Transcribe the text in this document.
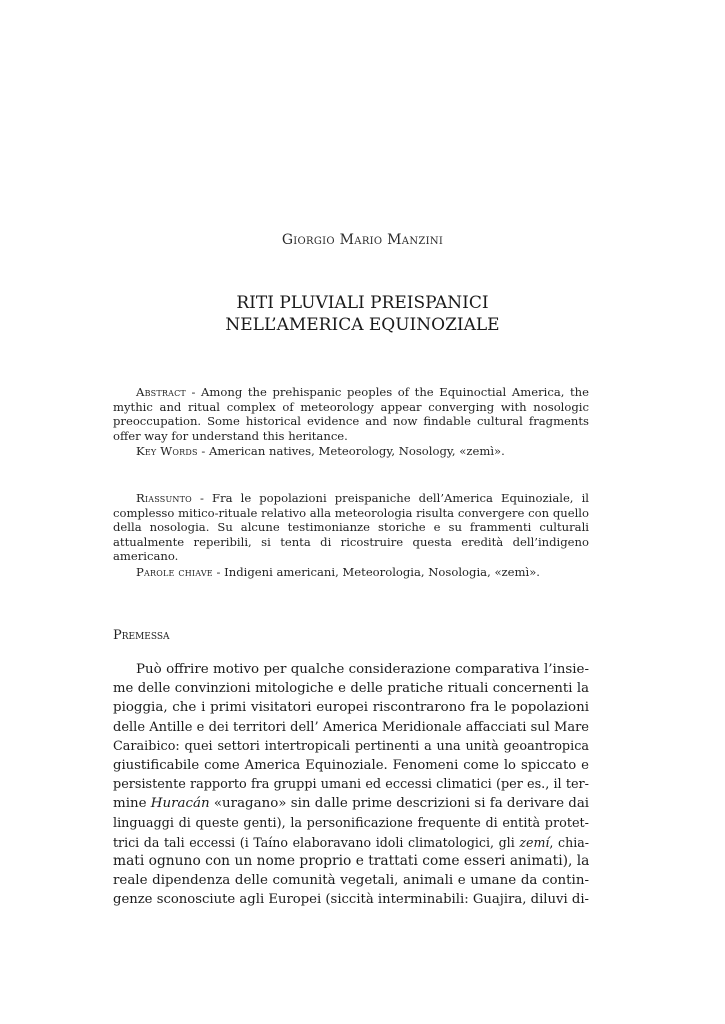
Giorgio Mario Manzini
RITI PLUVIALI PREISPANICI
NELL’AMERICA EQUINOZIALE

Abstract - Among the prehispanic peoples of the Equinoctial America, the mythic and ritual complex of meteorology appear converging with nosologic preoccupation. Some historical evidence and now findable cultural fragments offer way for understand this heritance.

Key Words - American natives, Meteorology, Nosology, «zemì».

Riassunto - Fra le popolazioni preispaniche dell’America Equinoziale, il complesso mitico-rituale relativo alla meteorologia risulta convergere con quello della nosologia. Su alcune testimonianze storiche e su frammenti culturali attualmente reperibili, si tenta di ricostruire questa eredità dell’indigeno americano.

Parole chiave - Indigeni americani, Meteorologia, Nosologia, «zemì».

Premessa
Può offrire motivo per qualche considerazione comparativa l’insie-
me delle convinzioni mitologiche e delle pratiche rituali concernenti la
pioggia, che i primi visitatori europei riscontrarono fra le popolazioni
delle Antille e dei territori dell’ America Meridionale affacciati sul Mare
Caraibico: quei settori intertropicali pertinenti a una unità geoantropica
giustificabile come America Equinoziale. Fenomeni come lo spiccato e
persistente rapporto fra gruppi umani ed eccessi climatici (per es., il ter-
mine Huracán «uragano» sin dalle prime descrizioni si fa derivare dai
linguaggi di queste genti), la personificazione frequente di entità protet-
trici da tali eccessi (i Taíno elaboravano idoli climatologici, gli zemí, chia-
mati ognuno con un nome proprio e trattati come esseri animati), la
reale dipendenza delle comunità vegetali, animali e umane da contin-
genze sconosciute agli Europei (siccità interminabili: Guajira, diluvi di-
